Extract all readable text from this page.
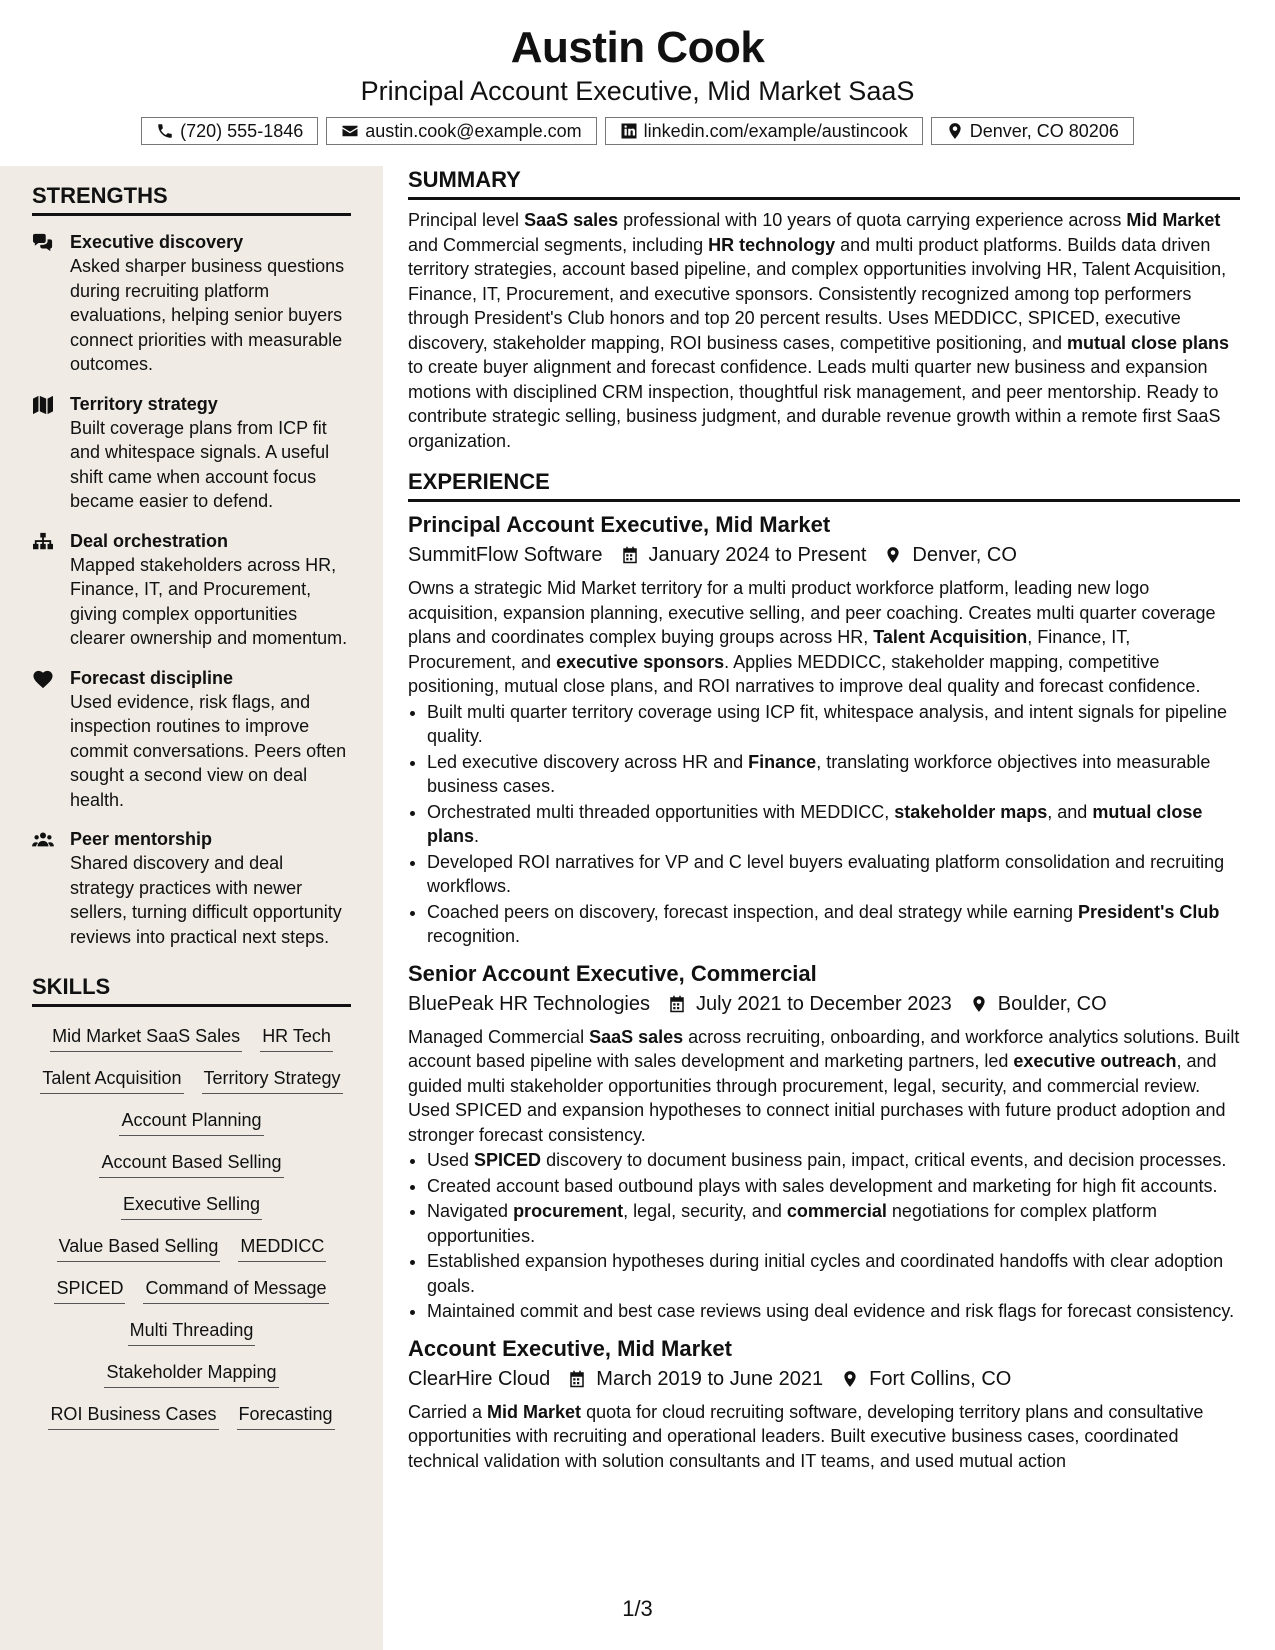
Austin Cook
Principal Account Executive, Mid Market SaaS
(720) 555-1846	austin.cook@example.com	linkedin.com/example/austincook	Denver, CO 80206
STRENGTHS
Executive discovery
Asked sharper business questions during recruiting platform evaluations, helping senior buyers connect priorities with measurable outcomes.
Territory strategy
Built coverage plans from ICP fit and whitespace signals. A useful shift came when account focus became easier to defend.
Deal orchestration
Mapped stakeholders across HR, Finance, IT, and Procurement, giving complex opportunities clearer ownership and momentum.
Forecast discipline
Used evidence, risk flags, and inspection routines to improve commit conversations. Peers often sought a second view on deal health.
Peer mentorship
Shared discovery and deal strategy practices with newer sellers, turning difficult opportunity reviews into practical next steps.
SKILLS
Mid Market SaaS Sales HR Tech
Talent Acquisition Territory Strategy
Account Planning
Account Based Selling
Executive Selling
Value Based Selling MEDDICC
SPICED Command of Message
Multi Threading
Stakeholder Mapping
ROI Business Cases Forecasting
SUMMARY

Principal level SaaS sales professional with 10 years of quota carrying experience across Mid Market and Commercial segments, including HR technology and multi product platforms. Builds data driven territory strategies, account based pipeline, and complex opportunities involving HR, Talent Acquisition, Finance, IT, Procurement, and executive sponsors. Consistently recognized among top performers through President's Club honors and top 20 percent results. Uses MEDDICC, SPICED, executive discovery, stakeholder mapping, ROI business cases, competitive positioning, and mutual close plans to create buyer alignment and forecast confidence. Leads multi quarter new business and expansion motions with disciplined CRM inspection, thoughtful risk management, and peer mentorship. Ready to contribute strategic selling, business judgment, and durable revenue growth within a remote first SaaS organization.

EXPERIENCE
Principal Account Executive, Mid Market
SummitFlow Software January 2024 to Present Denver, CO

Owns a strategic Mid Market territory for a multi product workforce platform, leading new logo acquisition, expansion planning, executive selling, and peer coaching. Creates multi quarter coverage plans and coordinates complex buying groups across HR, Talent Acquisition, Finance, IT, Procurement, and executive sponsors. Applies MEDDICC, stakeholder mapping, competitive positioning, mutual close plans, and ROI narratives to improve deal quality and forecast confidence.

• Built multi quarter territory coverage using ICP fit, whitespace analysis, and intent signals for pipeline quality.
• Led executive discovery across HR and Finance, translating workforce objectives into measurable business cases.
• Orchestrated multi threaded opportunities with MEDDICC, stakeholder maps, and mutual close plans.
• Developed ROI narratives for VP and C level buyers evaluating platform consolidation and recruiting workflows.
• Coached peers on discovery, forecast inspection, and deal strategy while earning President's Club recognition.
Senior Account Executive, Commercial
BluePeak HR Technologies July 2021 to December 2023 Boulder, CO

Managed Commercial SaaS sales across recruiting, onboarding, and workforce analytics solutions. Built account based pipeline with sales development and marketing partners, led executive outreach, and guided multi stakeholder opportunities through procurement, legal, security, and commercial review. Used SPICED and expansion hypotheses to connect initial purchases with future product adoption and stronger forecast consistency.

• Used SPICED discovery to document business pain, impact, critical events, and decision processes.
• Created account based outbound plays with sales development and marketing for high fit accounts.
• Navigated procurement, legal, security, and commercial negotiations for complex platform opportunities.
• Established expansion hypotheses during initial cycles and coordinated handoffs with clear adoption goals.
• Maintained commit and best case reviews using deal evidence and risk flags for forecast consistency.
Account Executive, Mid Market
ClearHire Cloud March 2019 to June 2021 Fort Collins, CO

Carried a Mid Market quota for cloud recruiting software, developing territory plans and consultative opportunities with recruiting and operational leaders. Built executive business cases, coordinated technical validation with solution consultants and IT teams, and used mutual action

1/3
